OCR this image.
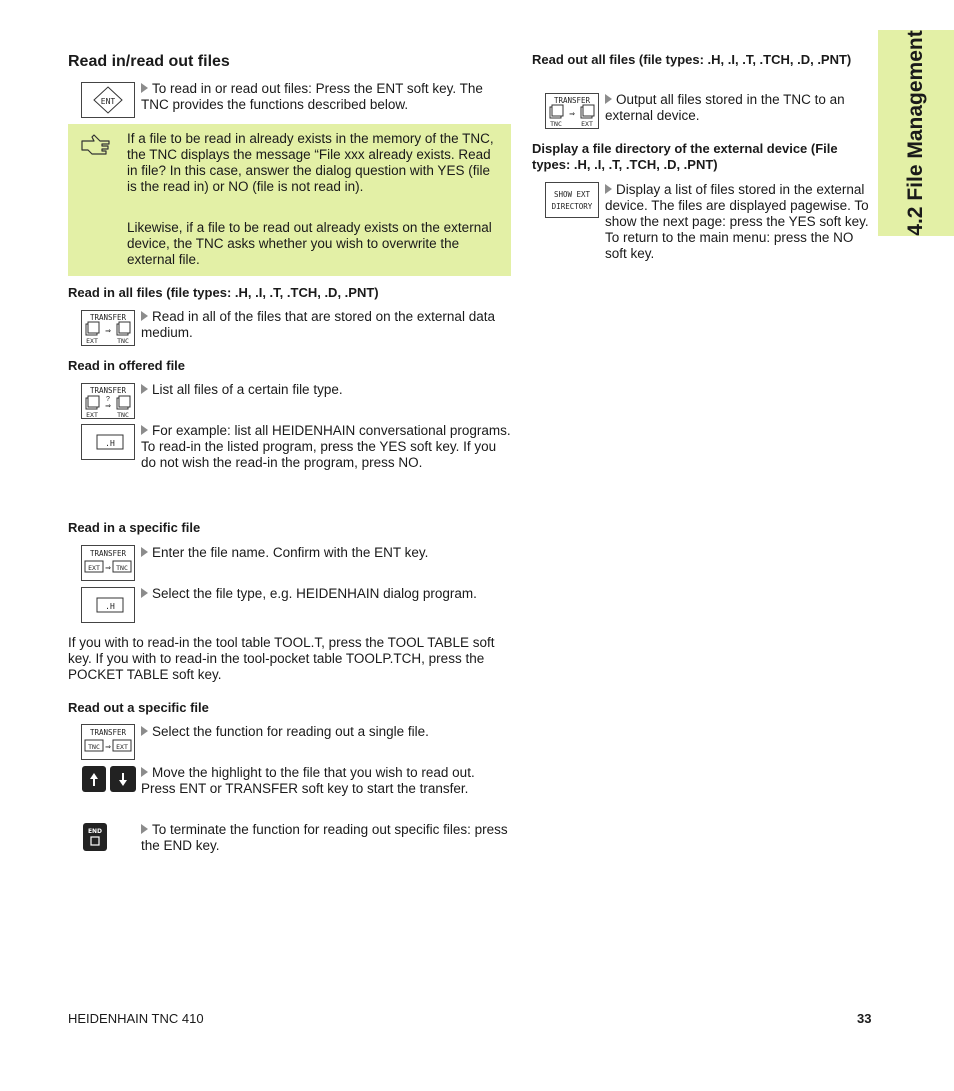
4.2 File Management
Read in/read out files
ENT
To read in or read out files: Press the ENT soft key. The TNC provides the functions described below.
If a file to be read in already exists in the memory of the TNC, the TNC displays the message “File xxx already exists. Read in file? In this case, answer the dialog question with YES (file is the read in) or NO (file is not read in).
Likewise, if a file to be read out already exists on the external device, the TNC asks whether you wish to overwrite the external file.
Read in all files (file types: .H, .I, .T, .TCH, .D, .PNT)
TRANSFER
⇒
EXT	TNC
Read in all of the files that are stored on the external data medium.
Read in offered file
TRANSFER
?
⇒
EXT	TNC
List all files of a certain file type.
.H
For example: list all HEIDENHAIN conversational programs. To read-in the listed program, press the YES soft key. If you do not wish the read-in the program, press NO.
Read in a specific file
TRANSFER
EXT ⇒ TNC
Enter the file name. Confirm with the ENT key.
.H
Select the file type, e.g. HEIDENHAIN dialog program.
If you with to read-in the tool table TOOL.T, press the TOOL TABLE soft key. If you with to read-in the tool-pocket table TOOLP.TCH, press the POCKET TABLE soft key.
Read out a specific file
TRANSFER
TNC ⇒ EXT
Select the function for reading out a single file.
Move the highlight to the file that you wish to read out. Press ENT or TRANSFER soft key to start the transfer.
END	To terminate the function for reading out specific files: press the END key.
Read out all files (file types: .H, .I, .T, .TCH, .D, .PNT)
TRANSFER
⇒
TNC	EXT
Output all files stored in the TNC to an external device.
Display a file directory of the external device (File types: .H, .I, .T, .TCH, .D, .PNT)
SHOW EXT
DIRECTORY
Display a list of files stored in the external device. The files are displayed pagewise. To show the next page: press the YES soft key. To return to the main menu: press the NO soft key.
HEIDENHAIN TNC 410	33
